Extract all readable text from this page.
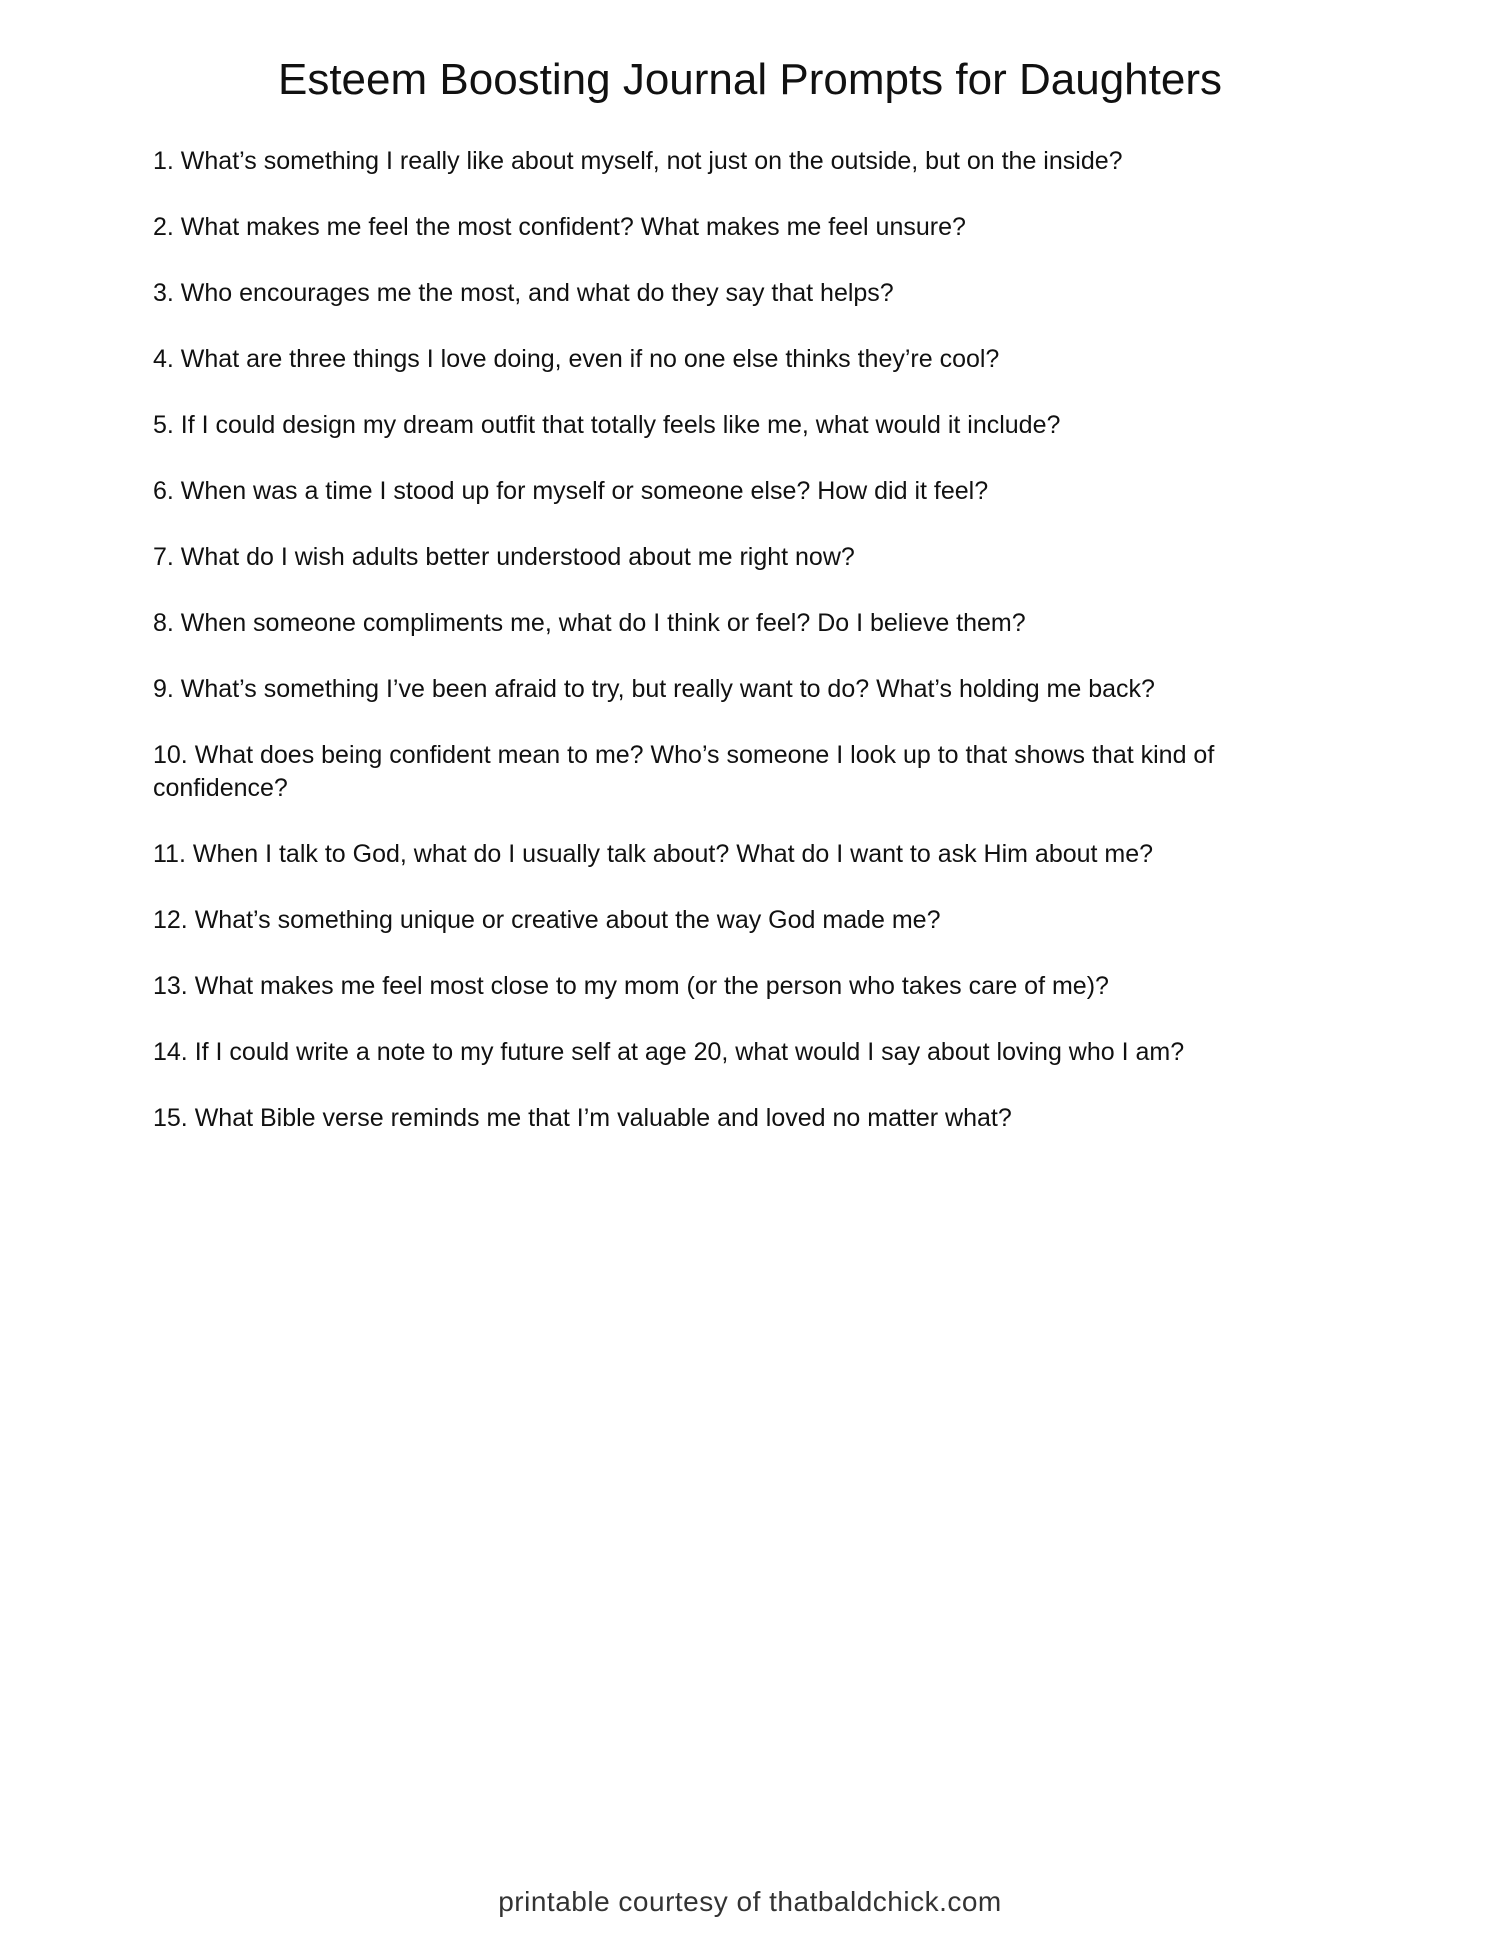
Esteem Boosting Journal Prompts for Daughters
1. What’s something I really like about myself, not just on the outside, but on the inside?
2. What makes me feel the most confident? What makes me feel unsure?
3. Who encourages me the most, and what do they say that helps?
4. What are three things I love doing, even if no one else thinks they’re cool?
5. If I could design my dream outfit that totally feels like me, what would it include?
6. When was a time I stood up for myself or someone else? How did it feel?
7. What do I wish adults better understood about me right now?
8. When someone compliments me, what do I think or feel? Do I believe them?
9. What’s something I’ve been afraid to try, but really want to do? What’s holding me back?
10. What does being confident mean to me? Who’s someone I look up to that shows that kind of confidence?
11. When I talk to God, what do I usually talk about? What do I want to ask Him about me?
12. What’s something unique or creative about the way God made me?
13. What makes me feel most close to my mom (or the person who takes care of me)?
14. If I could write a note to my future self at age 20, what would I say about loving who I am?
15. What Bible verse reminds me that I’m valuable and loved no matter what?
printable courtesy of thatbaldchick.com
